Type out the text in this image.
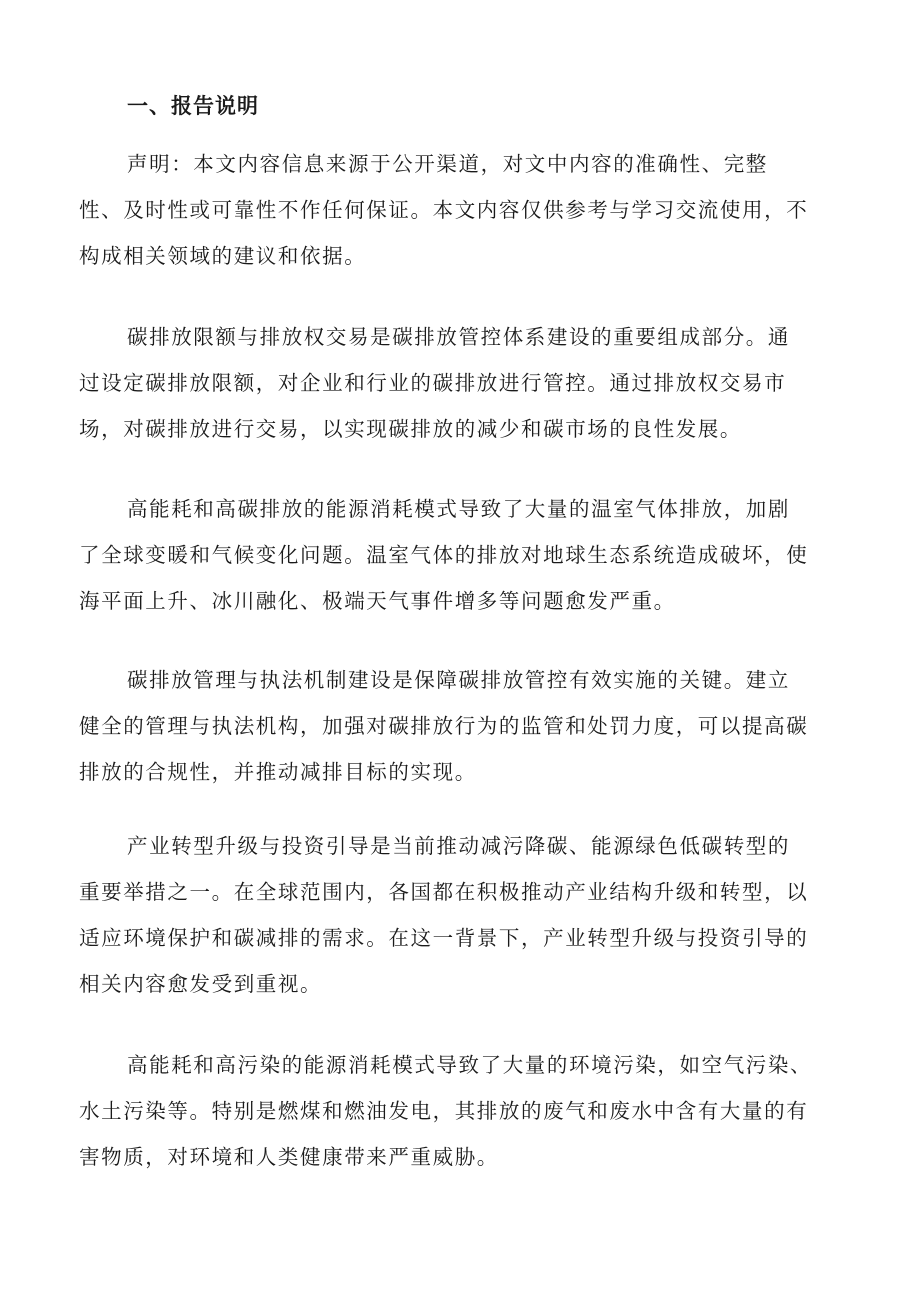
一、报告说明
声明：本文内容信息来源于公开渠道，对文中内容的准确性、完整
性、及时性或可靠性不作任何保证。本文内容仅供参考与学习交流使用，不
构成相关领域的建议和依据。
碳排放限额与排放权交易是碳排放管控体系建设的重要组成部分。通
过设定碳排放限额，对企业和行业的碳排放进行管控。通过排放权交易市
场，对碳排放进行交易，以实现碳排放的减少和碳市场的良性发展。
高能耗和高碳排放的能源消耗模式导致了大量的温室气体排放，加剧
了全球变暖和气候变化问题。温室气体的排放对地球生态系统造成破坏，使
海平面上升、冰川融化、极端天气事件增多等问题愈发严重。
碳排放管理与执法机制建设是保障碳排放管控有效实施的关键。建立
健全的管理与执法机构，加强对碳排放行为的监管和处罚力度，可以提高碳
排放的合规性，并推动减排目标的实现。
产业转型升级与投资引导是当前推动减污降碳、能源绿色低碳转型的
重要举措之一。在全球范围内，各国都在积极推动产业结构升级和转型，以
适应环境保护和碳减排的需求。在这一背景下，产业转型升级与投资引导的
相关内容愈发受到重视。
高能耗和高污染的能源消耗模式导致了大量的环境污染，如空气污染、
水土污染等。特别是燃煤和燃油发电，其排放的废气和废水中含有大量的有
害物质，对环境和人类健康带来严重威胁。
